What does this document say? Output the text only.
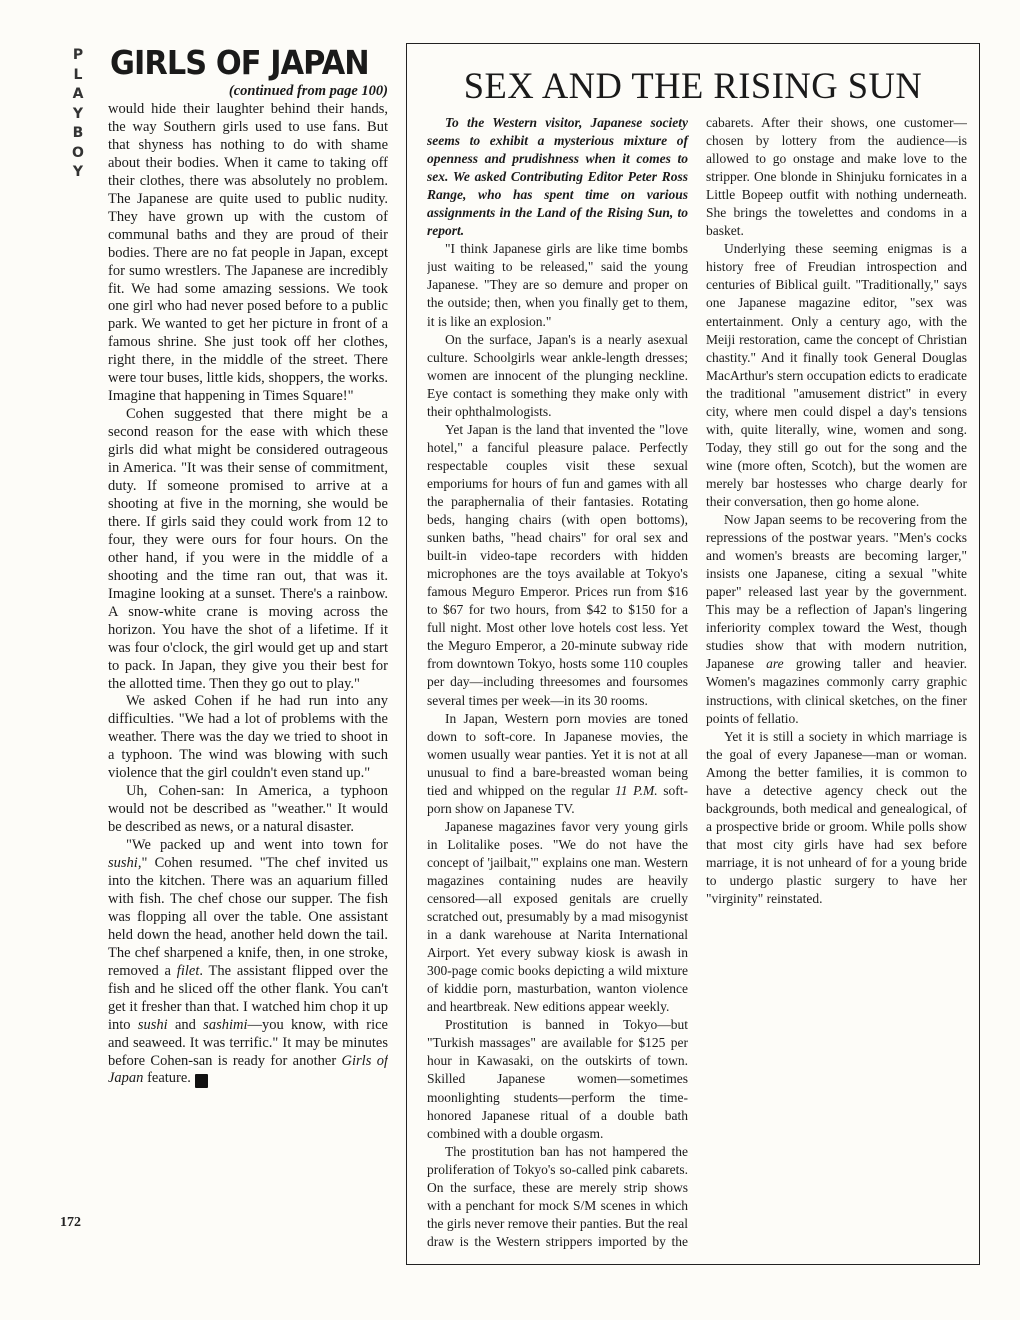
P
L
A
Y
B
O
Y
172
GIRLS OF JAPAN
(continued from page 100)

would hide their laughter behind their hands, the way Southern girls used to use fans. But that shyness has nothing to do with shame about their bodies. When it came to taking off their clothes, there was absolutely no problem. The Japanese are quite used to public nudity. They have grown up with the custom of communal baths and they are proud of their bodies. There are no fat people in Japan, except for sumo wrestlers. The Japanese are incredibly fit. We had some amazing sessions. We took one girl who had never posed before to a public park. We wanted to get her picture in front of a famous shrine. She just took off her clothes, right there, in the middle of the street. There were tour buses, little kids, shoppers, the works. Imagine that happening in Times Square!"

Cohen suggested that there might be a second reason for the ease with which these girls did what might be considered outrageous in America. "It was their sense of commitment, duty. If someone promised to arrive at a shooting at five in the morning, she would be there. If girls said they could work from 12 to four, they were ours for four hours. On the other hand, if you were in the middle of a shooting and the time ran out, that was it. Imagine looking at a sunset. There's a rainbow. A snow-white crane is moving across the horizon. You have the shot of a lifetime. If it was four o'clock, the girl would get up and start to pack. In Japan, they give you their best for the allotted time. Then they go out to play."

We asked Cohen if he had run into any difficulties. "We had a lot of problems with the weather. There was the day we tried to shoot in a typhoon. The wind was blowing with such violence that the girl couldn't even stand up."

Uh, Cohen-san: In America, a typhoon would not be described as "weather." It would be described as news, or a natural disaster.

"We packed up and went into town for sushi," Cohen resumed. "The chef invited us into the kitchen. There was an aquarium filled with fish. The chef chose our supper. The fish was flopping all over the table. One assistant held down the head, another held down the tail. The chef sharpened a knife, then, in one stroke, removed a filet. The assistant flipped over the fish and he sliced off the other flank. You can't get it fresher than that. I watched him chop it up into sushi and sashimi—you know, with rice and seaweed. It was terrific." It may be minutes before Cohen-san is ready for another Girls of Japan feature. ♣

SEX AND THE RISING SUN

To the Western visitor, Japanese society seems to exhibit a mysterious mixture of openness and prudishness when it comes to sex. We asked Contributing Editor Peter Ross Range, who has spent time on various assignments in the Land of the Rising Sun, to report.

"I think Japanese girls are like time bombs just waiting to be released," said the young Japanese. "They are so demure and proper on the outside; then, when you finally get to them, it is like an explosion."

On the surface, Japan's is a nearly asexual culture. Schoolgirls wear ankle-length dresses; women are innocent of the plunging neckline. Eye contact is something they make only with their ophthalmologists.

Yet Japan is the land that invented the "love hotel," a fanciful pleasure palace. Perfectly respectable couples visit these sexual emporiums for hours of fun and games with all the paraphernalia of their fantasies. Rotating beds, hanging chairs (with open bottoms), sunken baths, "head chairs" for oral sex and built-in video-tape recorders with hidden microphones are the toys available at Tokyo's famous Meguro Emperor. Prices run from $16 to $67 for two hours, from $42 to $150 for a full night. Most other love hotels cost less. Yet the Meguro Emperor, a 20-minute subway ride from downtown Tokyo, hosts some 110 couples per day—including threesomes and foursomes several times per week—in its 30 rooms.

In Japan, Western porn movies are toned down to soft-core. In Japanese movies, the women usually wear panties. Yet it is not at all unusual to find a bare-breasted woman being tied and whipped on the regular 11 P.M. soft-porn show on Japanese TV.

Japanese magazines favor very young girls in Lolitalike poses. "We do not have the concept of 'jailbait,'" explains one man. Western magazines containing nudes are heavily censored—all exposed genitals are cruelly scratched out, presumably by a mad misogynist in a dank warehouse at Narita International Airport. Yet every subway kiosk is awash in 300-page comic books depicting a wild mixture of kiddie porn, masturbation, wanton violence and heartbreak. New editions appear weekly.

Prostitution is banned in Tokyo—but "Turkish massages" are available for $125 per hour in Kawasaki, on the outskirts of town. Skilled Japanese women—sometimes moonlighting students—perform the time-honored Japanese ritual of a double bath combined with a double orgasm.

The prostitution ban has not hampered the proliferation of Tokyo's so-called pink cabarets. On the surface, these are merely strip shows with a penchant for mock S/M scenes in which the girls never remove their panties. But the real draw is the Western strippers imported by the cabarets. After their shows, one customer—chosen by lottery from the audience—is allowed to go onstage and make love to the stripper. One blonde in Shinjuku fornicates in a Little Bopeep outfit with nothing underneath. She brings the towelettes and condoms in a basket.

Underlying these seeming enigmas is a history free of Freudian introspection and centuries of Biblical guilt. "Traditionally," says one Japanese magazine editor, "sex was entertainment. Only a century ago, with the Meiji restoration, came the concept of Christian chastity." And it finally took General Douglas MacArthur's stern occupation edicts to eradicate the traditional "amusement district" in every city, where men could dispel a day's tensions with, quite literally, wine, women and song. Today, they still go out for the song and the wine (more often, Scotch), but the women are merely bar hostesses who charge dearly for their conversation, then go home alone.

Now Japan seems to be recovering from the repressions of the postwar years. "Men's cocks and women's breasts are becoming larger," insists one Japanese, citing a sexual "white paper" released last year by the government. This may be a reflection of Japan's lingering inferiority complex toward the West, though studies show that with modern nutrition, Japanese are growing taller and heavier. Women's magazines commonly carry graphic instructions, with clinical sketches, on the finer points of fellatio.

Yet it is still a society in which marriage is the goal of every Japanese—man or woman. Among the better families, it is common to have a detective agency check out the backgrounds, both medical and genealogical, of a prospective bride or groom. While polls show that most city girls have had sex before marriage, it is not unheard of for a young bride to undergo plastic surgery to have her "virginity" reinstated.
